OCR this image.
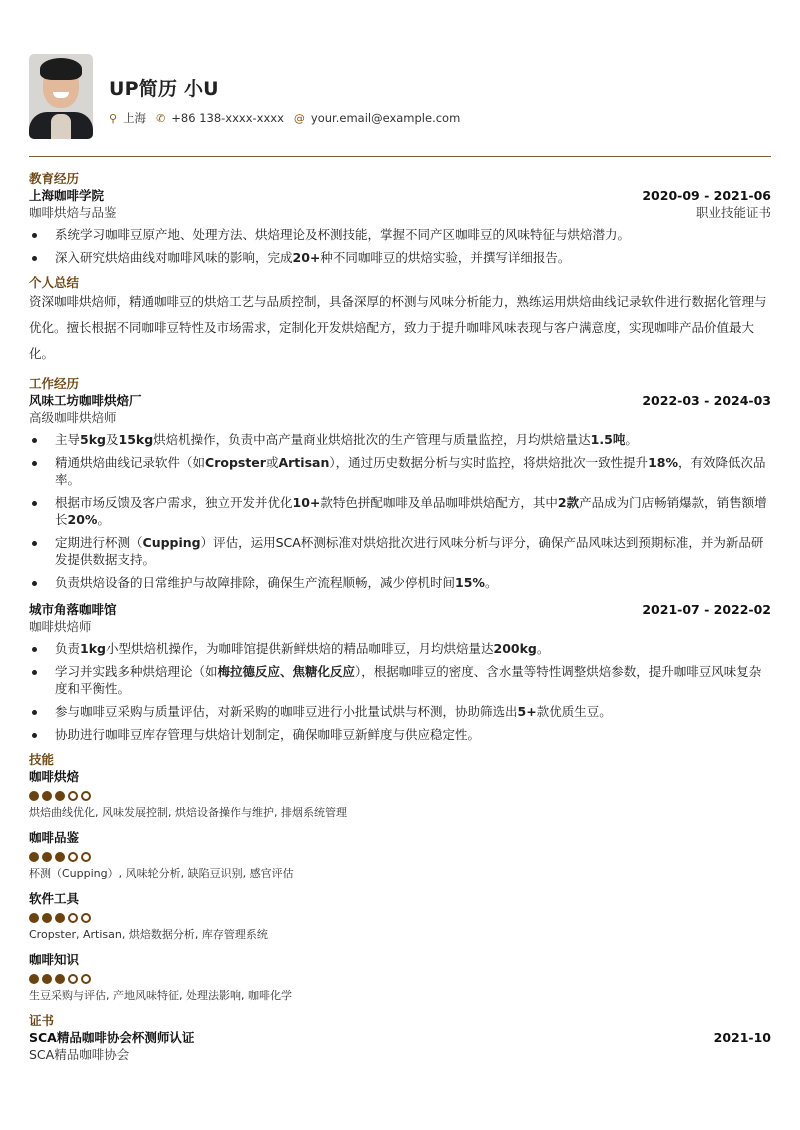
UP简历 小U
⚲ 上海 ✆ +86 138-xxxx-xxxx @ your.email@example.com
教育经历
上海咖啡学院	2020-09 - 2021-06
咖啡烘焙与品鉴	职业技能证书
系统学习咖啡豆原产地、处理方法、烘焙理论及杯测技能，掌握不同产区咖啡豆的风味特征与烘焙潜力。
深入研究烘焙曲线对咖啡风味的影响，完成20+种不同咖啡豆的烘焙实验，并撰写详细报告。
个人总结
资深咖啡烘焙师，精通咖啡豆的烘焙工艺与品质控制，具备深厚的杯测与风味分析能力，熟练运用烘焙曲线记录软件进行数据化管理与优化。擅长根据不同咖啡豆特性及市场需求，定制化开发烘焙配方，致力于提升咖啡风味表现与客户满意度，实现咖啡产品价值最大化。
工作经历
风味工坊咖啡烘焙厂	2022-03 - 2024-03
高级咖啡烘焙师
主导5kg及15kg烘焙机操作，负责中高产量商业烘焙批次的生产管理与质量监控，月均烘焙量达1.5吨。
精通烘焙曲线记录软件（如Cropster或Artisan），通过历史数据分析与实时监控，将烘焙批次一致性提升18%，有效降低次品率。
根据市场反馈及客户需求，独立开发并优化10+款特色拼配咖啡及单品咖啡烘焙配方，其中2款产品成为门店畅销爆款，销售额增长20%。
定期进行杯测（Cupping）评估，运用SCA杯测标准对烘焙批次进行风味分析与评分，确保产品风味达到预期标准，并为新品研发提供数据支持。
负责烘焙设备的日常维护与故障排除，确保生产流程顺畅，减少停机时间15%。
城市角落咖啡馆	2021-07 - 2022-02
咖啡烘焙师
负责1kg小型烘焙机操作，为咖啡馆提供新鲜烘焙的精品咖啡豆，月均烘焙量达200kg。
学习并实践多种烘焙理论（如梅拉德反应、焦糖化反应），根据咖啡豆的密度、含水量等特性调整烘焙参数，提升咖啡豆风味复杂度和平衡性。
参与咖啡豆采购与质量评估，对新采购的咖啡豆进行小批量试烘与杯测，协助筛选出5+款优质生豆。
协助进行咖啡豆库存管理与烘焙计划制定，确保咖啡豆新鲜度与供应稳定性。
技能
咖啡烘焙
烘焙曲线优化, 风味发展控制, 烘焙设备操作与维护, 排烟系统管理
咖啡品鉴
杯测（Cupping）, 风味轮分析, 缺陷豆识别, 感官评估
软件工具
Cropster, Artisan, 烘焙数据分析, 库存管理系统
咖啡知识
生豆采购与评估, 产地风味特征, 处理法影响, 咖啡化学
证书
SCA精品咖啡协会杯测师认证	2021-10
SCA精品咖啡协会
